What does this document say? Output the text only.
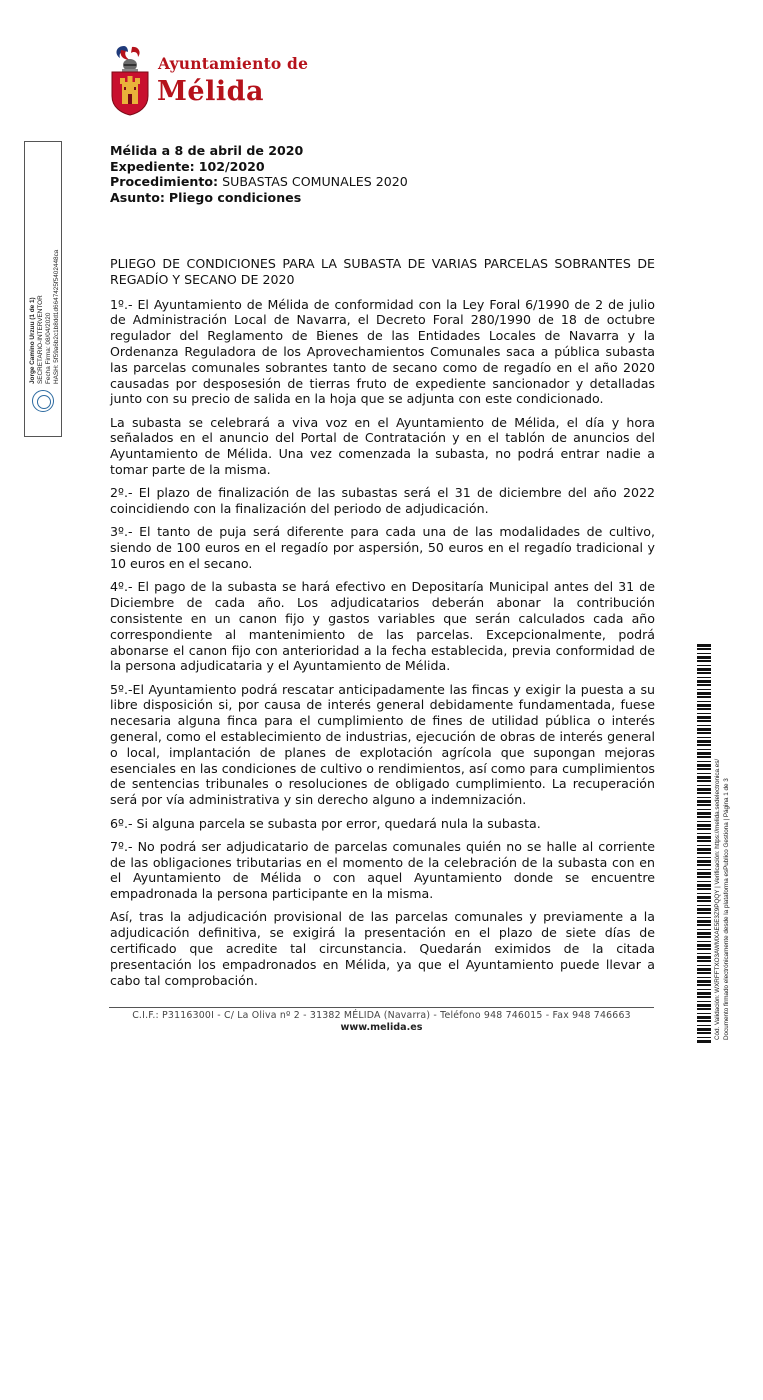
Ayuntamiento de
Mélida
Jorge Camino Urzuu (1 de 1) SECRETARIO-INTERVENTOR Fecha Firma: 08/04/2020 HASH: 5f59a6b2c1b8dd1d6647425f5402448ca
Mélida a 8 de abril de 2020
Expediente: 102/2020
Procedimiento: SUBASTAS COMUNALES 2020
Asunto: Pliego condiciones

PLIEGO DE CONDICIONES PARA LA SUBASTA DE VARIAS PARCELAS SOBRANTES DE REGADÍO Y SECANO DE 2020

1º.- El Ayuntamiento de Mélida de conformidad con la Ley Foral 6/1990 de 2 de julio de Administración Local de Navarra, el Decreto Foral 280/1990 de 18 de octubre regulador del Reglamento de Bienes de las Entidades Locales de Navarra y la Ordenanza Reguladora de los Aprovechamientos Comunales saca a pública subasta las parcelas comunales sobrantes tanto de secano como de regadío en el año 2020 causadas por desposesión de tierras fruto de expediente sancionador y detalladas junto con su precio de salida en la hoja que se adjunta con este condicionado.

La subasta se celebrará a viva voz en el Ayuntamiento de Mélida, el día y hora señalados en el anuncio del Portal de Contratación y en el tablón de anuncios del Ayuntamiento de Mélida. Una vez comenzada la subasta, no podrá entrar nadie a tomar parte de la misma.

2º.- El plazo de finalización de las subastas será el 31 de diciembre del año 2022 coincidiendo con la finalización del periodo de adjudicación.

3º.- El tanto de puja será diferente para cada una de las modalidades de cultivo, siendo de 100 euros en el regadío por aspersión, 50 euros en el regadío tradicional y 10 euros en el secano.

4º.- El pago de la subasta se hará efectivo en Depositaría Municipal antes del 31 de Diciembre de cada año. Los adjudicatarios deberán abonar la contribución consistente en un canon fijo y gastos variables que serán calculados cada año correspondiente al mantenimiento de las parcelas. Excepcionalmente, podrá abonarse el canon fijo con anterioridad a la fecha establecida, previa conformidad de la persona adjudicataria y el Ayuntamiento de Mélida.

5º.-El Ayuntamiento podrá rescatar anticipadamente las fincas y exigir la puesta a su libre disposición si, por causa de interés general debidamente fundamentada, fuese necesaria alguna finca para el cumplimiento de fines de utilidad pública o interés general, como el establecimiento de industrias, ejecución de obras de interés general o local, implantación de planes de explotación agrícola que supongan mejoras esenciales en las condiciones de cultivo o rendimientos, así como para cumplimientos de sentencias tribunales o resoluciones de obligado cumplimiento. La recuperación será por vía administrativa y sin derecho alguno a indemnización.

6º.- Si alguna parcela se subasta por error, quedará nula la subasta.

7º.- No podrá ser adjudicatario de parcelas comunales quién no se halle al corriente de las obligaciones tributarias en el momento de la celebración de la subasta con en el Ayuntamiento de Mélida o con aquel Ayuntamiento donde se encuentre empadronada la persona participante en la misma.

Así, tras la adjudicación provisional de las parcelas comunales y previamente a la adjudicación definitiva, se exigirá la presentación en el plazo de siete días de certificado que acredite tal circunstancia. Quedarán eximidos de la citada presentación los empadronados en Mélida, ya que el Ayuntamiento puede llevar a cabo tal comprobación.	Cód. Validación: WXRFFTXO3AWMXAE5E3Z9PQQY | Verificación: https://melida.sedelectronica.es/ Documento firmado electrónicamente desde la plataforma esPublico Gestiona | Página 1 de 3
C.I.F.: P3116300I - C/ La Oliva nº 2 - 31382 MÉLIDA (Navarra) - Teléfono 948 746015 - Fax 948 746663
www.melida.es
